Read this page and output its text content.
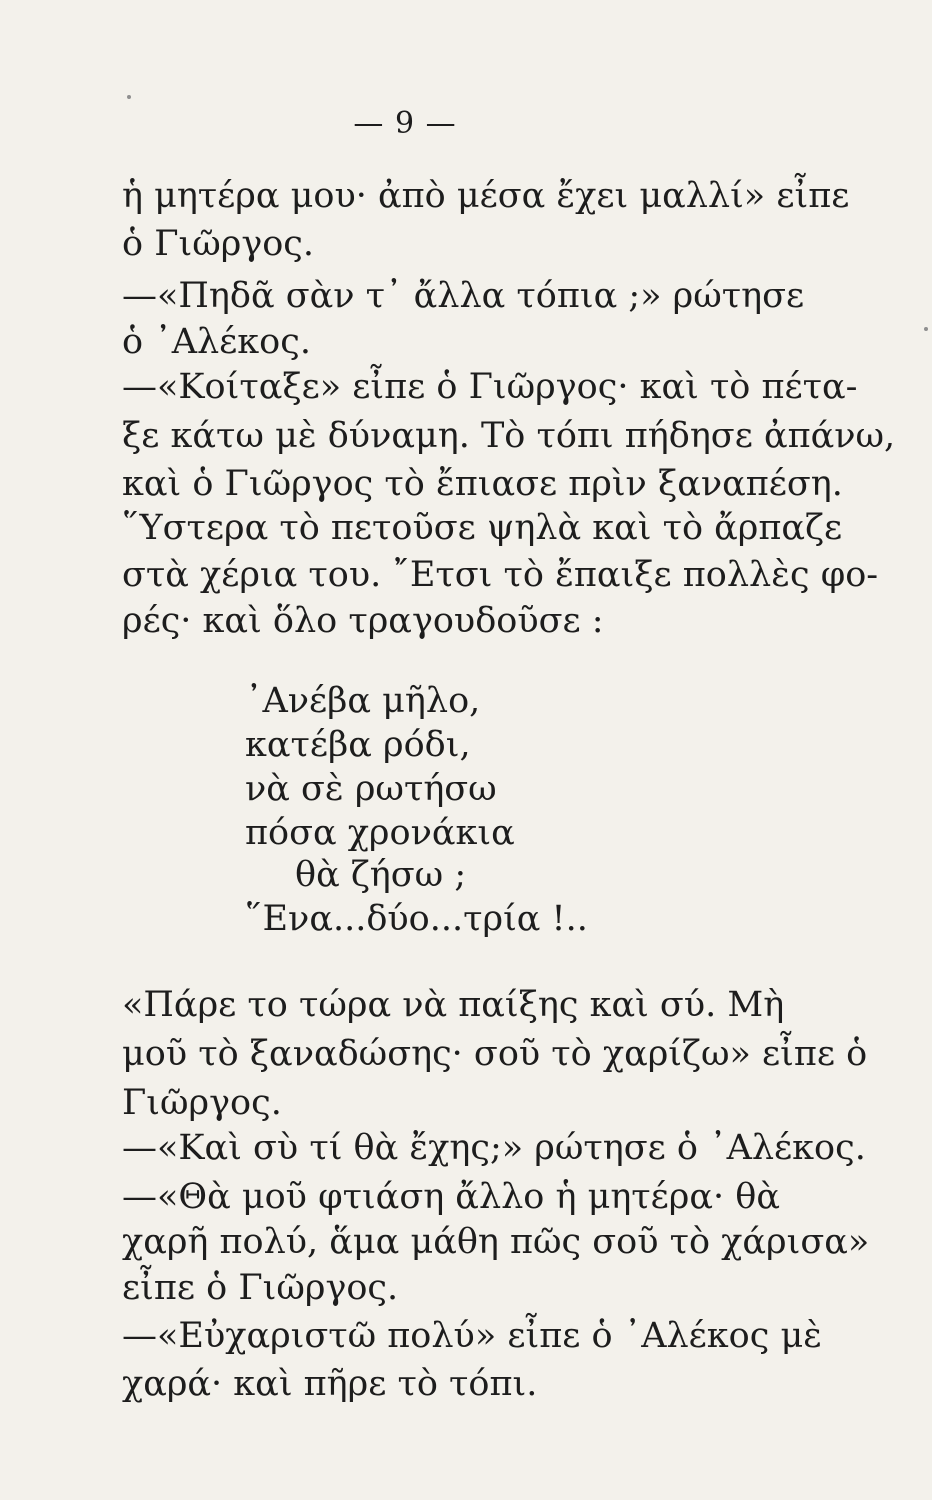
— 9 —
ἡ μητέρα μου· ἀπὸ μέσα ἔχει μαλλί» εἶπε
ὁ Γιῶργος.
—«Πηδᾶ σὰν τ᾽ ἄλλα τόπια ;» ρώτησε
ὁ ᾽Αλέκος.
—«Κοίταξε» εἶπε ὁ Γιῶργος· καὶ τὸ πέτα-
ξε κάτω μὲ δύναμη. Τὸ τόπι πήδησε ἀπάνω,
καὶ ὁ Γιῶργος τὸ ἔπιασε πρὶν ξαναπέση.
῞Υστερα τὸ πετοῦσε ψηλὰ καὶ τὸ ἄρπαζε
στὰ χέρια του. ῎Ετσι τὸ ἔπαιξε πολλὲς φο-
ρές· καὶ ὅλο τραγουδοῦσε :
᾽Ανέβα μῆλο,
κατέβα ρόδι,
νὰ σὲ ρωτήσω
πόσα χρονάκια
θὰ ζήσω ;
῞Ενα...δύο...τρία !..
«Πάρε το τώρα νὰ παίξης καὶ σύ. Μὴ
μοῦ τὸ ξαναδώσης· σοῦ τὸ χαρίζω» εἶπε ὁ
Γιῶργος.
—«Καὶ σὺ τί θὰ ἔχης;» ρώτησε ὁ ᾽Αλέκος.
—«Θὰ μοῦ φτιάση ἄλλο ἡ μητέρα· θὰ
χαρῆ πολύ, ἅμα μάθη πῶς σοῦ τὸ χάρισα»
εἶπε ὁ Γιῶργος.
—«Εὐχαριστῶ πολύ» εἶπε ὁ ᾽Αλέκος μὲ
χαρά· καὶ πῆρε τὸ τόπι.
